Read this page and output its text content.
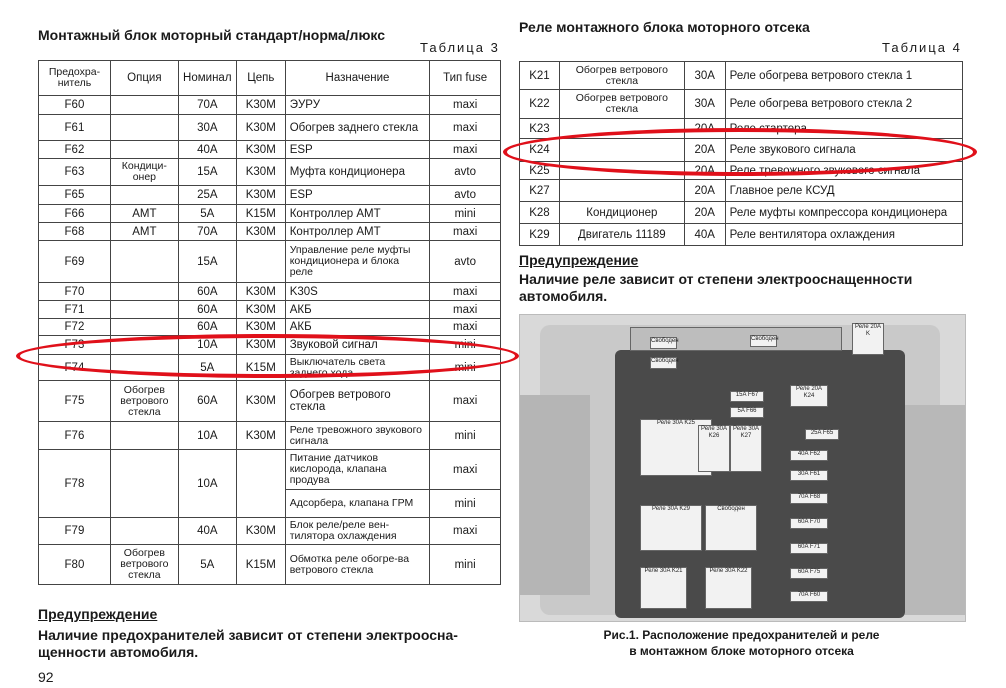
Монтажный блок моторный стандарт/норма/люкс
Таблица 3
Предохра-нитель	Опция	Номинал	Цепь	Назначение	Тип fuse
F60		70A	K30M	ЭУРУ	maxi
F61		30A	K30M	Обогрев заднего стекла	maxi
F62		40A	K30M	ESP	maxi
F63	Кондици-онер	15A	K30M	Муфта кондиционера	avto
F65		25A	K30M	ESP	avto
F66	AMT	5A	K15M	Контроллер AMT	mini
F68	AMT	70A	K30M	Контроллер AMT	maxi
F69		15A		Управление реле муфты кондиционера и блока реле	avto
F70		60A	K30M	K30S	maxi
F71		60A	K30M	АКБ	maxi
F72		60A	K30M	АКБ	maxi
F73		10A	K30M	Звуковой сигнал	mini
F74		5A	K15M	Выключатель света заднего хода	mini
F75	Обогрев ветрового стекла	60A	K30M	Обогрев ветрового стекла	maxi
F76		10A	K30M	Реле тревожного звукового сигнала	mini
F78		10A		Питание датчиков кислорода, клапана продува	maxi
				Адсорбера, клапана ГРМ	mini
F79		40A	K30M	Блок реле/реле вен-тилятора охлаждения	maxi
F80	Обогрев ветрового стекла	5A	K15M	Обмотка реле обогре-ва ветрового стекла	mini
Предупреждение
Наличие предохранителей зависит от степени электроосна-щенности автомобиля.
92
Реле монтажного блока моторного отсека
Таблица 4
K21	Обогрев ветрового стекла	30A	Реле обогрева ветрового стекла 1
K22	Обогрев ветрового стекла	30A	Реле обогрева ветрового стекла 2
K23		20A	Реле стартера
K24		20A	Реле звукового сигнала
K25		20A	Реле тревожного звукового сигнала
K27		20A	Главное реле КСУД
K28	Кондиционер	20A	Реле муфты компрессора кондиционера
K29	Двигатель 11189	40A	Реле вентилятора охлаждения
Предупреждение
Наличие реле зависит от степени электрооснащенности автомобиля.
Реле 20A K
Свободен
Свободен
Свободен
15A F67
5A F66
Реле 20A K24
25A F65
Реле 30A K25
Реле 30A K26
Реле 30A K27
40A F62
30A F61
70A F68
60A F70
60A F71
60A F75
70A F60
Реле 30A K29	Свободен
Реле 30A K21	Реле 30A K22
Рис.1. Расположение предохранителей и реле
в монтажном блоке моторного отсека
